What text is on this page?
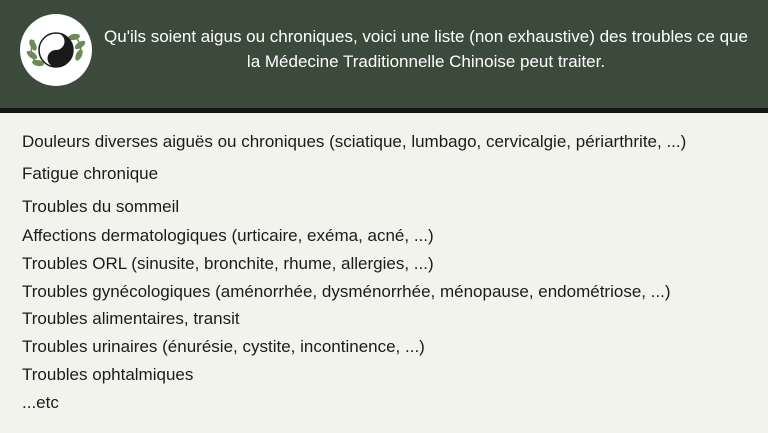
Qu'ils soient aigus ou chroniques, voici une liste (non exhaustive) des troubles ce que la Médecine Traditionnelle Chinoise peut traiter.

Douleurs diverses aiguës ou chroniques (sciatique, lumbago, cervicalgie, périarthrite, ...)
Fatigue chronique
Troubles du sommeil
Affections dermatologiques (urticaire, exéma, acné, ...)
Troubles ORL (sinusite, bronchite, rhume, allergies, ...)
Troubles gynécologiques (aménorrhée, dysménorrhée, ménopause, endométriose, ...)
Troubles alimentaires, transit
Troubles urinaires (énurésie, cystite, incontinence, ...)
Troubles ophtalmiques
...etc
